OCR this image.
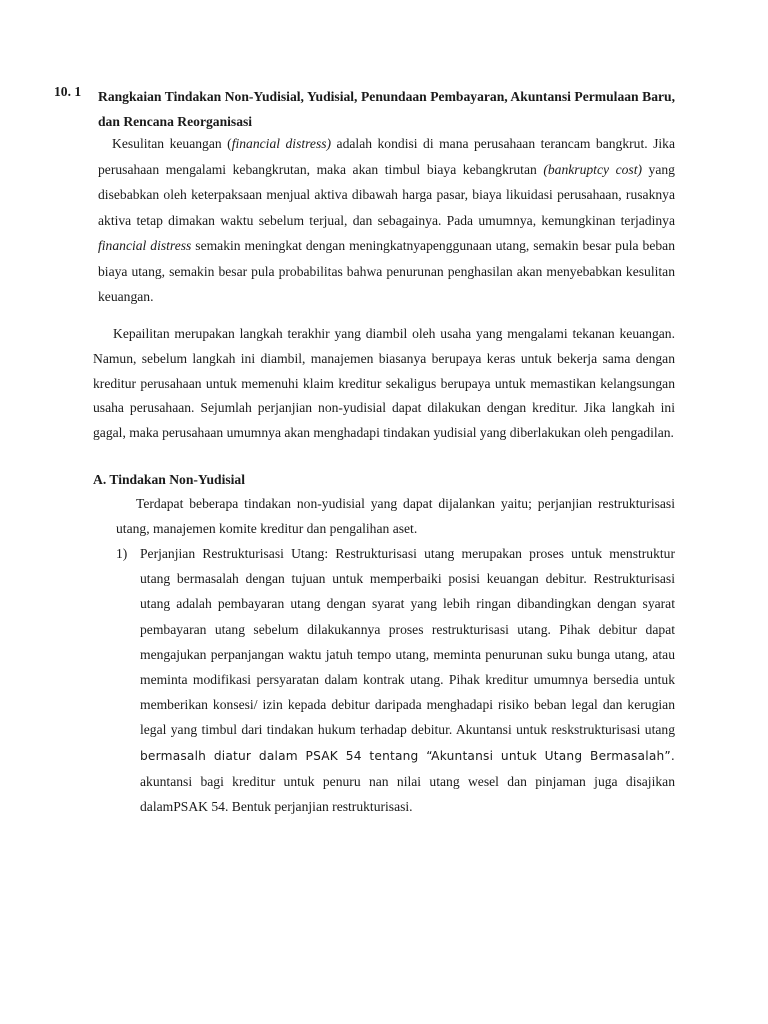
10. 1 Rangkaian Tindakan Non-Yudisial, Yudisial, Penundaan Pembayaran, Akuntansi Permulaan Baru, dan Rencana Reorganisasi
Kesulitan keuangan (financial distress) adalah kondisi di mana perusahaan terancam bangkrut. Jika perusahaan mengalami kebangkrutan, maka akan timbul biaya kebangkrutan (bankruptcy cost) yang disebabkan oleh keterpaksaan menjual aktiva dibawah harga pasar, biaya likuidasi perusahaan, rusaknya aktiva tetap dimakan waktu sebelum terjual, dan sebagainya. Pada umumnya, kemungkinan terjadinya financial distress semakin meningkat dengan meningkatnyapenggunaan utang, semakin besar pula beban biaya utang, semakin besar pula probabilitas bahwa penurunan penghasilan akan menyebabkan kesulitan keuangan.
Kepailitan merupakan langkah terakhir yang diambil oleh usaha yang mengalami tekanan keuangan. Namun, sebelum langkah ini diambil, manajemen biasanya berupaya keras untuk bekerja sama dengan kreditur perusahaan untuk memenuhi klaim kreditur sekaligus berupaya untuk memastikan kelangsungan usaha perusahaan. Sejumlah perjanjian non-yudisial dapat dilakukan dengan kreditur. Jika langkah ini gagal, maka perusahaan umumnya akan menghadapi tindakan yudisial yang diberlakukan oleh pengadilan.
A. Tindakan Non-Yudisial
Terdapat beberapa tindakan non-yudisial yang dapat dijalankan yaitu; perjanjian restrukturisasi utang, manajemen komite kreditur dan pengalihan aset.
1) Perjanjian Restrukturisasi Utang: Restrukturisasi utang merupakan proses untuk menstruktur utang bermasalah dengan tujuan untuk memperbaiki posisi keuangan debitur. Restrukturisasi utang adalah pembayaran utang dengan syarat yang lebih ringan dibandingkan dengan syarat pembayaran utang sebelum dilakukannya proses restrukturisasi utang. Pihak debitur dapat mengajukan perpanjangan waktu jatuh tempo utang, meminta penurunan suku bunga utang, atau meminta modifikasi persyaratan dalam kontrak utang. Pihak kreditur umumnya bersedia untuk memberikan konsesi/ izin kepada debitur daripada menghadapi risiko beban legal dan kerugian legal yang timbul dari tindakan hukum terhadap debitur. Akuntansi untuk reskstrukturisasi utang bermasalh diatur dalam PSAK 54 tentang “Akuntansi untuk Utang Bermasalah”. akuntansi bagi kreditur untuk penuru nan nilai utang wesel dan pinjaman juga disajikan dalamPSAK 54. Bentuk perjanjian restrukturisasi.
